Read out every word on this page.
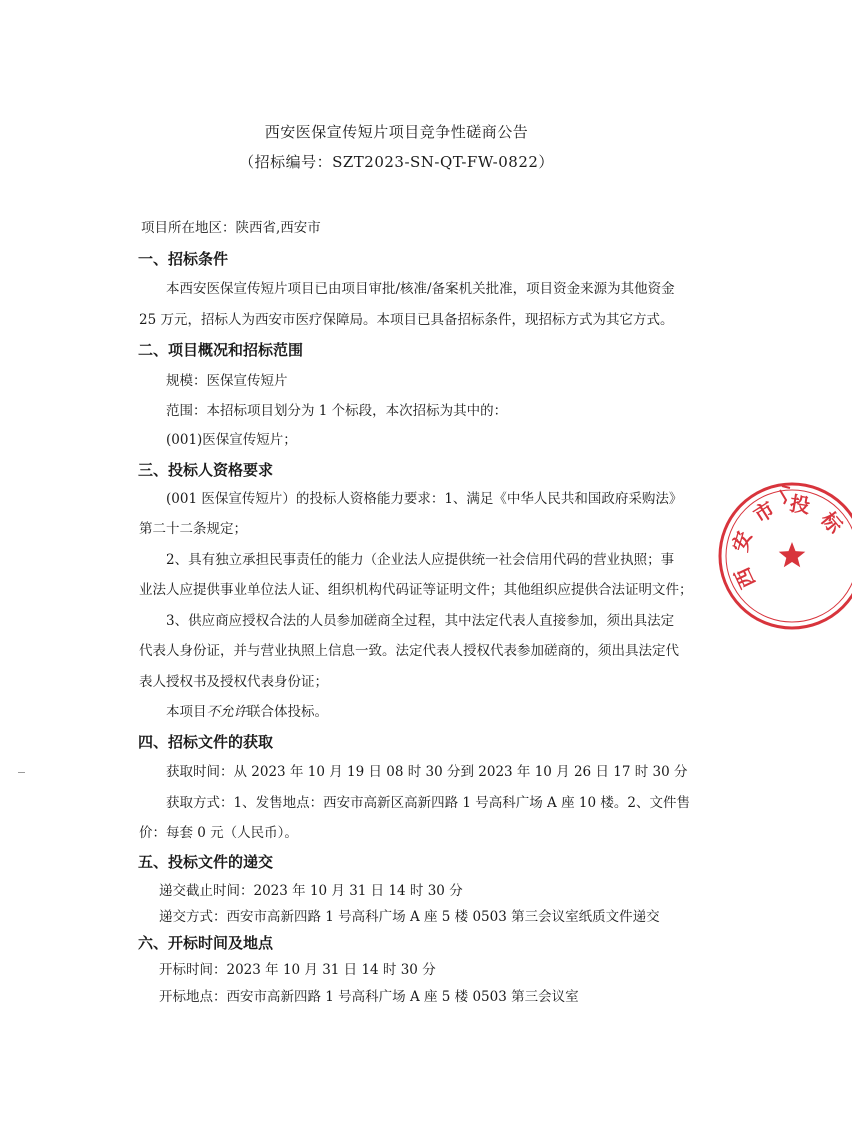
西安医保宣传短片项目竞争性磋商公告
（招标编号：SZT2023-SN-QT-FW-0822）
项目所在地区：陕西省,西安市
一、招标条件
本西安医保宣传短片项目已由项目审批/核准/备案机关批准，项目资金来源为其他资金
25 万元，招标人为西安市医疗保障局。本项目已具备招标条件，现招标方式为其它方式。
二、项目概况和招标范围
规模：医保宣传短片
范围：本招标项目划分为 1 个标段，本次招标为其中的：
(001)医保宣传短片；
三、投标人资格要求
(001 医保宣传短片）的投标人资格能力要求：1、满足《中华人民共和国政府采购法》
第二十二条规定；
2、具有独立承担民事责任的能力（企业法人应提供统一社会信用代码的营业执照；事
业法人应提供事业单位法人证、组织机构代码证等证明文件；其他组织应提供合法证明文件；
3、供应商应授权合法的人员参加磋商全过程，其中法定代表人直接参加，须出具法定
代表人身份证，并与营业执照上信息一致。法定代表人授权代表参加磋商的，须出具法定代
表人授权书及授权代表身份证；
本项目不允许联合体投标。
四、招标文件的获取
获取时间：从 2023 年 10 月 19 日 08 时 30 分到 2023 年 10 月 26 日 17 时 30 分
获取方式：1、发售地点：西安市高新区高新四路 1 号高科广场 A 座 10 楼。2、文件售
价：每套 0 元（人民币）。
五、投标文件的递交
递交截止时间：2023 年 10 月 31 日 14 时 30 分
递交方式：西安市高新四路 1 号高科广场 A 座 5 楼 0503 第三会议室纸质文件递交
六、开标时间及地点
开标时间：2023 年 10 月 31 日 14 时 30 分
开标地点：西安市高新四路 1 号高科广场 A 座 5 楼 0503 第三会议室
西
安
市 投
标
